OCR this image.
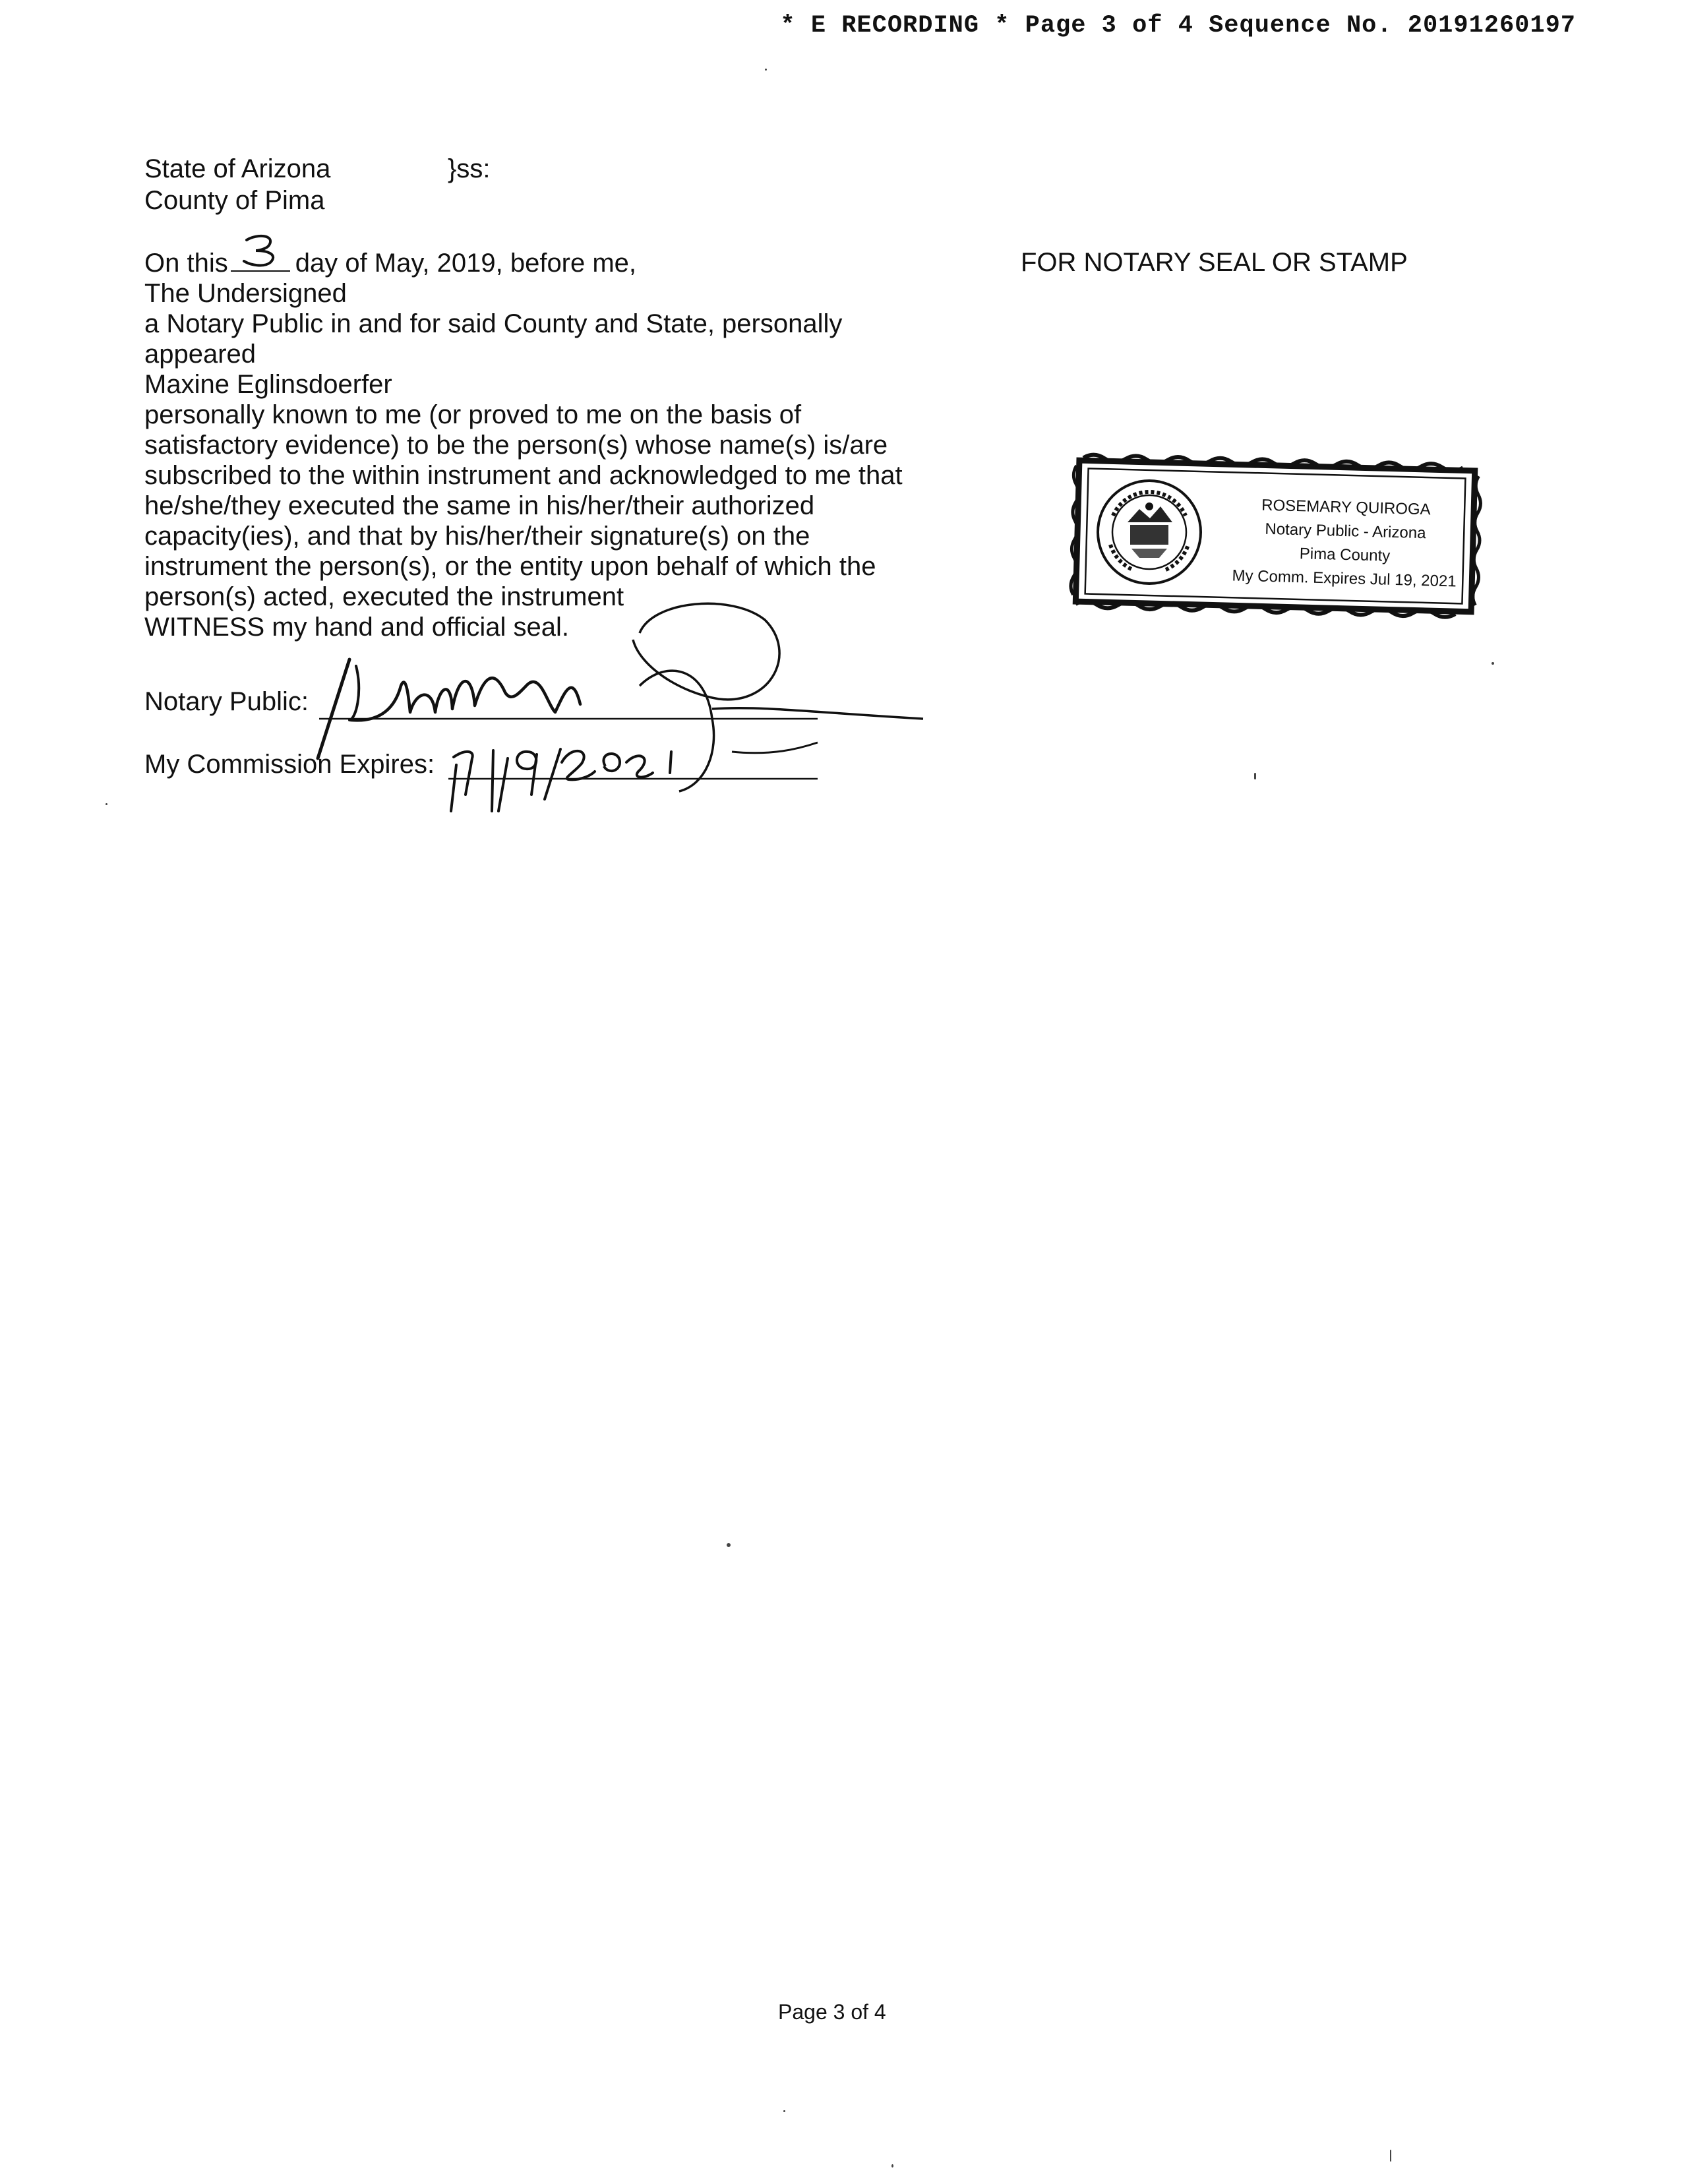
* E RECORDING * Page 3 of 4 Sequence No. 20191260197
State of Arizona	}ss:
County of Pima

On this	day of May, 2019, before me,

The Undersigned

a Notary Public in and for said County and State, personally

appeared

Maxine Eglinsdoerfer

personally known to me (or proved to me on the basis of

satisfactory evidence) to be the person(s) whose name(s) is/are

subscribed to the within instrument and acknowledged to me that

he/she/they executed the same in his/her/their authorized

capacity(ies), and that by his/her/their signature(s) on the

instrument the person(s), or the entity upon behalf of which the

person(s) acted, executed the instrument

WITNESS my hand and official seal.

Notary Public:
My Commission Expires:
FOR NOTARY SEAL OR STAMP
ROSEMARY QUIROGA
Notary Public - Arizona
Pima County
My Comm. Expires Jul 19, 2021
Page 3 of 4
